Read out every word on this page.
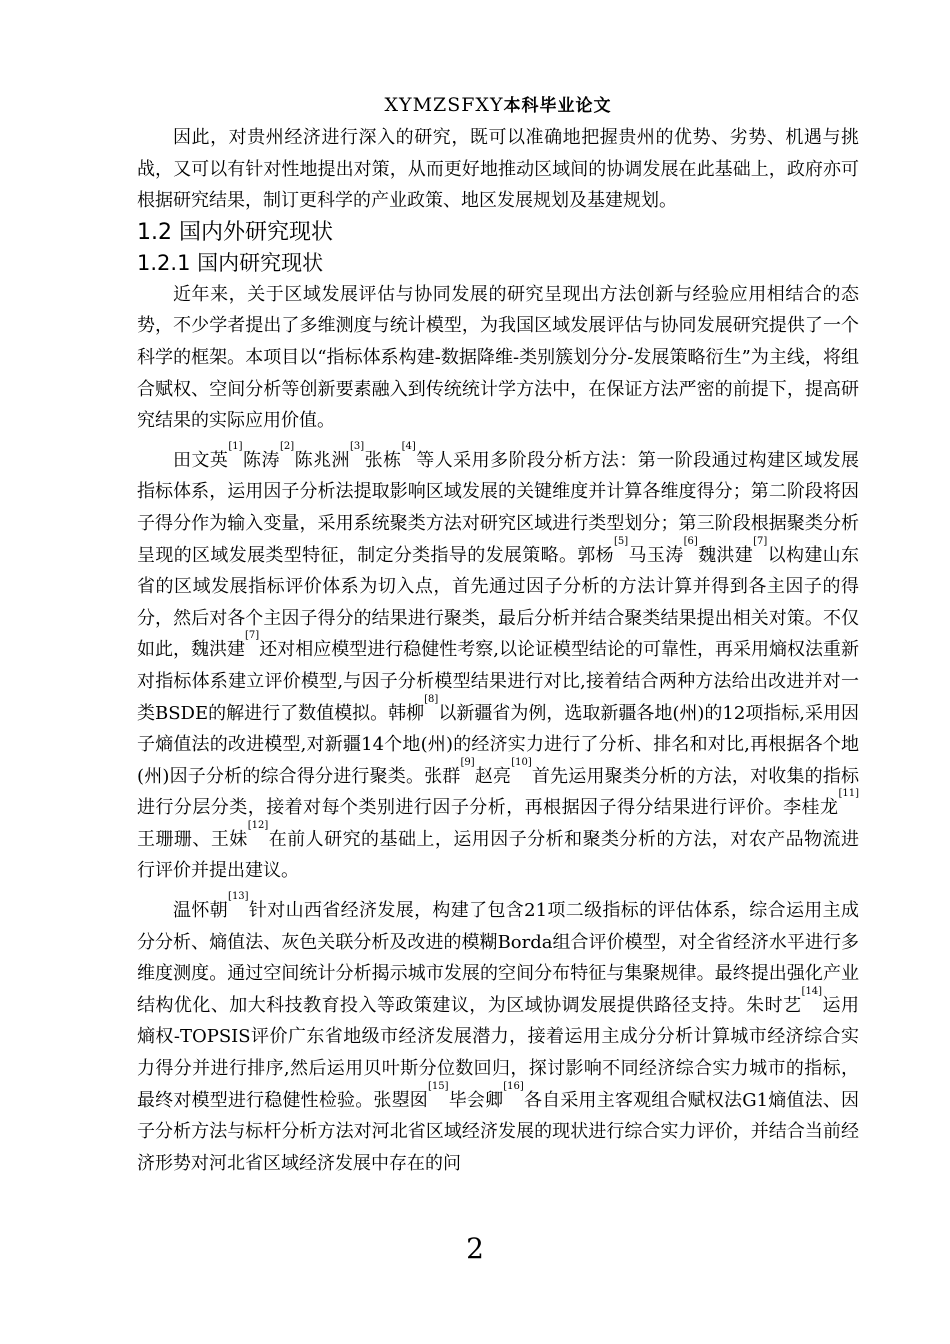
XYMZSFXY本科毕业论文

因此，对贵州经济进行深入的研究，既可以准确地把握贵州的优势、劣势、机遇与挑战，又可以有针对性地提出对策，从而更好地推动区域间的协调发展在此基础上，政府亦可根据研究结果，制订更科学的产业政策、地区发展规划及基建规划。

1.2 国内外研究现状
1.2.1 国内研究现状

近年来，关于区域发展评估与协同发展的研究呈现出方法创新与经验应用相结合的态势，不少学者提出了多维测度与统计模型，为我国区域发展评估与协同发展研究提供了一个科学的框架。本项目以“指标体系构建-数据降维-类别簇划分分-发展策略衍生”为主线，将组合赋权、空间分析等创新要素融入到传统统计学方法中，在保证方法严密的前提下，提高研究结果的实际应用价值。

田文英[1]陈涛[2]陈兆洲[3]张栋[4]等人采用多阶段分析方法：第一阶段通过构建区域发展指标体系，运用因子分析法提取影响区域发展的关键维度并计算各维度得分；第二阶段将因子得分作为输入变量，采用系统聚类方法对研究区域进行类型划分；第三阶段根据聚类分析呈现的区域发展类型特征，制定分类指导的发展策略。郭杨[5]马玉涛[6]魏洪建[7]以构建山东省的区域发展指标评价体系为切入点，首先通过因子分析的方法计算并得到各主因子的得分，然后对各个主因子得分的结果进行聚类，最后分析并结合聚类结果提出相关对策。不仅如此，魏洪建[7]还对相应模型进行稳健性考察,以论证模型结论的可靠性，再采用熵权法重新对指标体系建立评价模型,与因子分析模型结果进行对比,接着结合两种方法给出改进并对一类BSDE的解进行了数值模拟。韩柳[8]以新疆省为例，选取新疆各地(州)的12项指标,采用因子熵值法的改进模型,对新疆14个地(州)的经济实力进行了分析、排名和对比,再根据各个地(州)因子分析的综合得分进行聚类。张群[9]赵亮[10]首先运用聚类分析的方法，对收集的指标进行分层分类，接着对每个类别进行因子分析，再根据因子得分结果进行评价。李桂龙[11]王珊珊、王妹[12]在前人研究的基础上，运用因子分析和聚类分析的方法，对农产品物流进行评价并提出建议。

温怀朝[13]针对山西省经济发展，构建了包含21项二级指标的评估体系，综合运用主成分分析、熵值法、灰色关联分析及改进的模糊Borda组合评价模型，对全省经济水平进行多维度测度。通过空间统计分析揭示城市发展的空间分布特征与集聚规律。最终提出强化产业结构优化、加大科技教育投入等政策建议，为区域协调发展提供路径支持。朱时艺[14]运用熵权-TOPSIS评价广东省地级市经济发展潜力，接着运用主成分分析计算城市经济综合实力得分并进行排序,然后运用贝叶斯分位数回归，探讨影响不同经济综合实力城市的指标，最终对模型进行稳健性检验。张曌囡[15]毕会卿[16]各自采用主客观组合赋权法G1熵值法、因子分析方法与标杆分析方法对河北省区域经济发展的现状进行综合实力评价，并结合当前经济形势对河北省区域经济发展中存在的问

2
